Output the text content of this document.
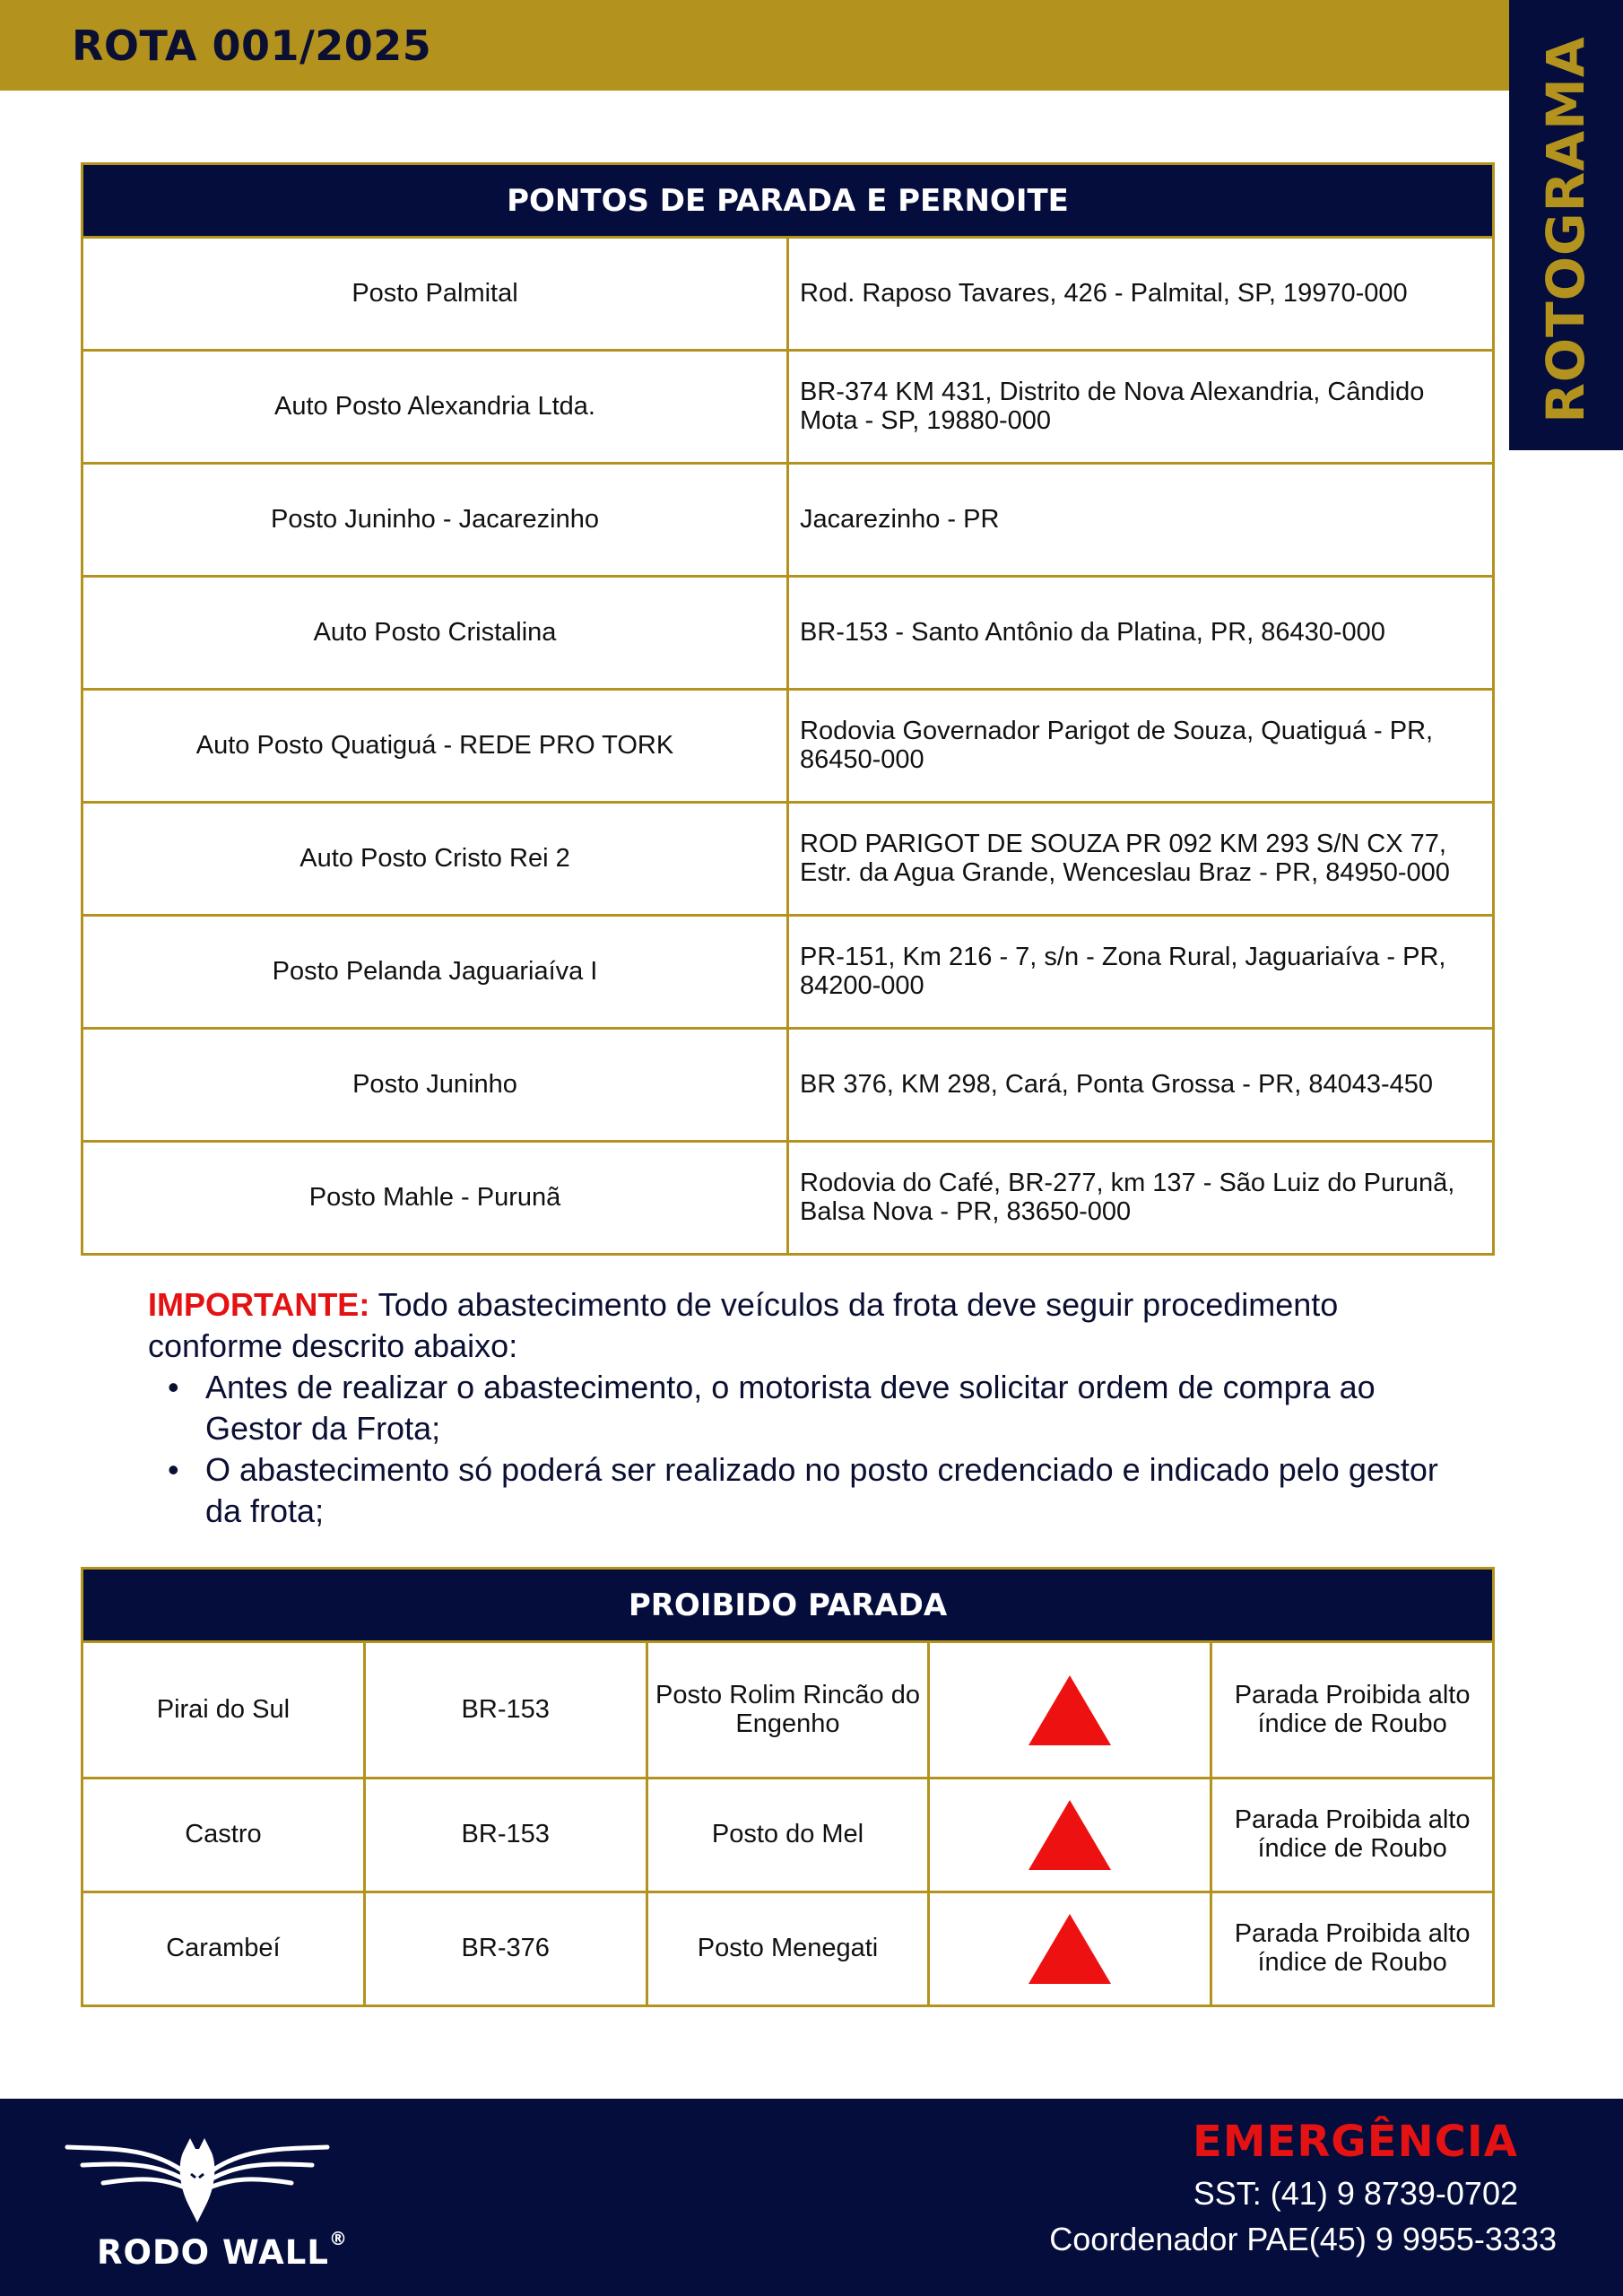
ROTA 001/2025	ROTOGRAMA
PONTOS DE PARADA E PERNOITE	
Posto Palmital	Rod. Raposo Tavares, 426 - Palmital, SP, 19970-000
Auto Posto Alexandria Ltda.	BR-374 KM 431, Distrito de Nova Alexandria, Cândido Mota - SP, 19880-000
Posto Juninho - Jacarezinho	Jacarezinho - PR
Auto Posto Cristalina	BR-153 - Santo Antônio da Platina, PR, 86430-000
Auto Posto Quatiguá - REDE PRO TORK	Rodovia Governador Parigot de Souza, Quatiguá - PR, 86450-000
Auto Posto Cristo Rei 2	ROD PARIGOT DE SOUZA PR 092 KM 293 S/N CX 77, Estr. da Agua Grande, Wenceslau Braz - PR, 84950-000
Posto Pelanda Jaguariaíva I	PR-151, Km 216 - 7, s/n - Zona Rural, Jaguariaíva - PR, 84200-000
Posto Juninho	BR 376, KM 298, Cará, Ponta Grossa - PR, 84043-450
Posto Mahle - Purunã	Rodovia do Café, BR-277, km 137 - São Luiz do Purunã, Balsa Nova - PR, 83650-000

IMPORTANTE: Todo abastecimento de veículos da frota deve seguir procedimento conforme descrito abaixo:

• Antes de realizar o abastecimento, o motorista deve solicitar ordem de compra ao Gestor da Frota;
• O abastecimento só poderá ser realizado no posto credenciado e indicado pelo gestor da frota;
PROIBIDO PARADA				
Pirai do Sul	BR-153	Posto Rolim Rincão do Engenho		Parada Proibida alto índice de Roubo
Castro	BR-153	Posto do Mel		Parada Proibida alto índice de Roubo
Carambeí	BR-376	Posto Menegati		Parada Proibida alto índice de Roubo
RODO WALL®
EMERGÊNCIA
SST: (41) 9 8739-0702
Coordenador PAE(45) 9 9955-3333
